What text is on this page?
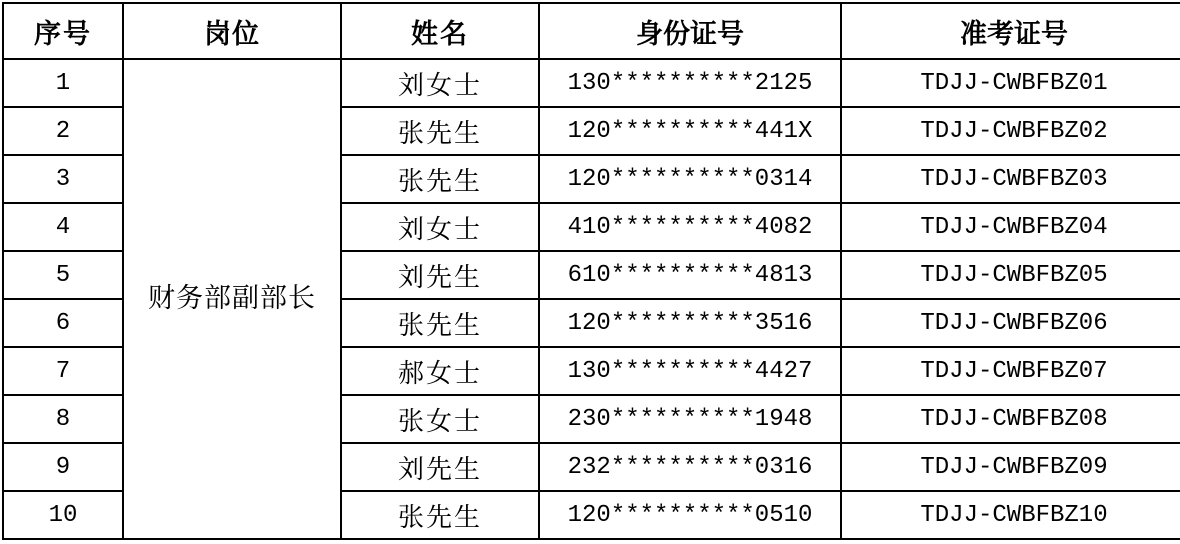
序号	岗位	姓名	身份证号	准考证号
1	财务部副部长	刘女士	130**********2125	TDJJ-CWBFBZ01
2		张先生	120**********441X	TDJJ-CWBFBZ02
3		张先生	120**********0314	TDJJ-CWBFBZ03
4		刘女士	410**********4082	TDJJ-CWBFBZ04
5		刘先生	610**********4813	TDJJ-CWBFBZ05
6		张先生	120**********3516	TDJJ-CWBFBZ06
7		郝女士	130**********4427	TDJJ-CWBFBZ07
8		张女士	230**********1948	TDJJ-CWBFBZ08
9		刘先生	232**********0316	TDJJ-CWBFBZ09
10		张先生	120**********0510	TDJJ-CWBFBZ10
